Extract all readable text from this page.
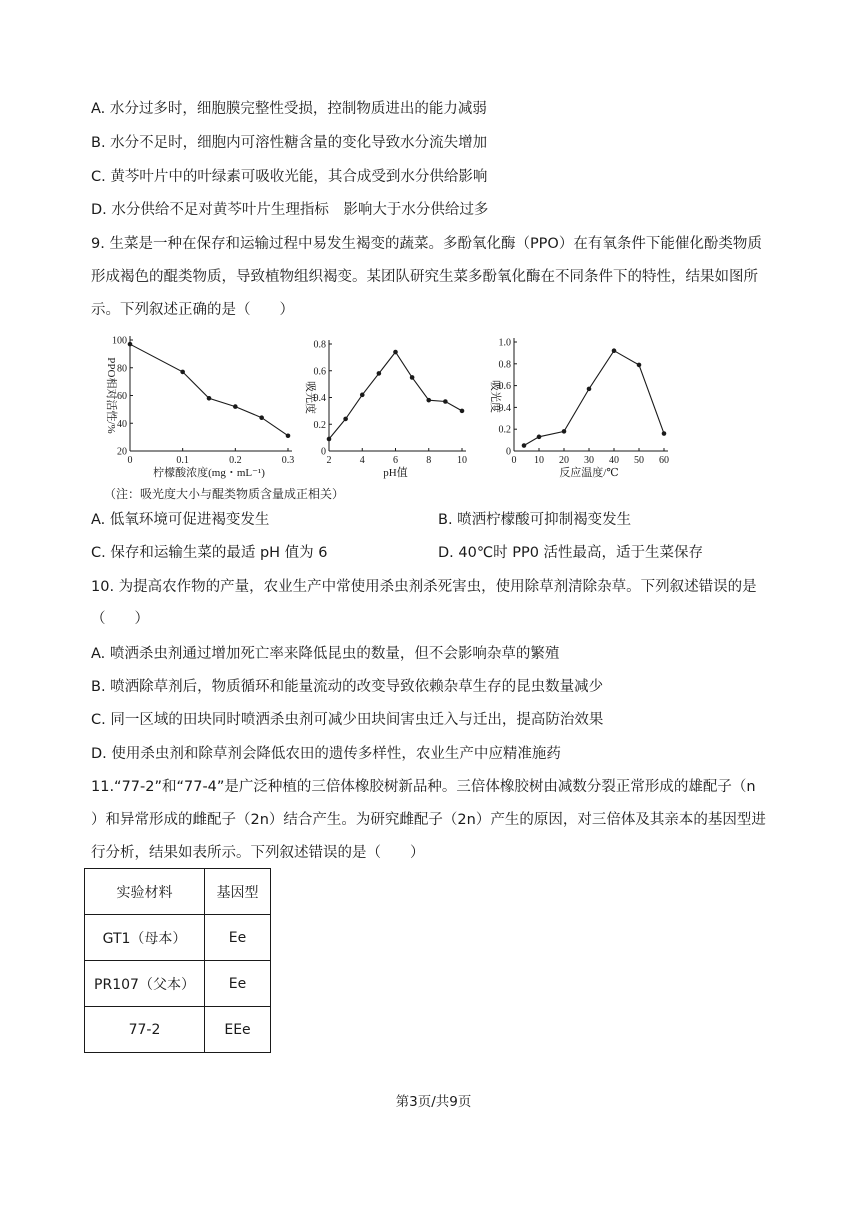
A. 水分过多时，细胞膜完整性受损，控制物质进出的能力减弱
B. 水分不足时，细胞内可溶性糖含量的变化导致水分流失增加
C. 黄芩叶片中的叶绿素可吸收光能，其合成受到水分供给影响
D. 水分供给不足对黄芩叶片生理指标　影响大于水分供给过多
9. 生菜是一种在保存和运输过程中易发生褐变的蔬菜。多酚氧化酶（PPO）在有氧条件下能催化酚类物质
形成褐色的醌类物质，导致植物组织褐变。某团队研究生菜多酚氧化酶在不同条件下的特性，结果如图所
示。下列叙述正确的是（　　）
0	0.1	0.2	0.3
20
40
60
80
100
柠檬酸浓度(mg・mL⁻¹)
PPO相对活性/%
2	4	6	8	10
0
0.2
0.4
0.6
0.8
pH值
吸光度
0 10 20 30 40 50 60
0
0.2
0.4
0.6
0.8
1.0
反应温度/℃
吸光度
（注：吸光度大小与醌类物质含量成正相关）
A. 低氧环境可促进褐变发生	B. 喷洒柠檬酸可抑制褐变发生
C. 保存和运输生菜的最适 pH 值为 6	D. 40℃时 PP0 活性最高，适于生菜保存
10. 为提高农作物的产量，农业生产中常使用杀虫剂杀死害虫，使用除草剂清除杂草。下列叙述错误的是
（　　）
A. 喷洒杀虫剂通过增加死亡率来降低昆虫的数量，但不会影响杂草的繁殖
B. 喷洒除草剂后，物质循环和能量流动的改变导致依赖杂草生存的昆虫数量减少
C. 同一区域的田块同时喷洒杀虫剂可减少田块间害虫迁入与迁出，提高防治效果
D. 使用杀虫剂和除草剂会降低农田的遗传多样性，农业生产中应精准施药
11.“77-2”和“77-4”是广泛种植的三倍体橡胶树新品种。三倍体橡胶树由减数分裂正常形成的雄配子（n
）和异常形成的雌配子（2n）结合产生。为研究雌配子（2n）产生的原因，对三倍体及其亲本的基因型进
行分析，结果如表所示。下列叙述错误的是（　　）
实验材料	基因型
GT1（母本）	Ee
PR107（父本）	Ee
77-2	EEe
第3页/共9页
